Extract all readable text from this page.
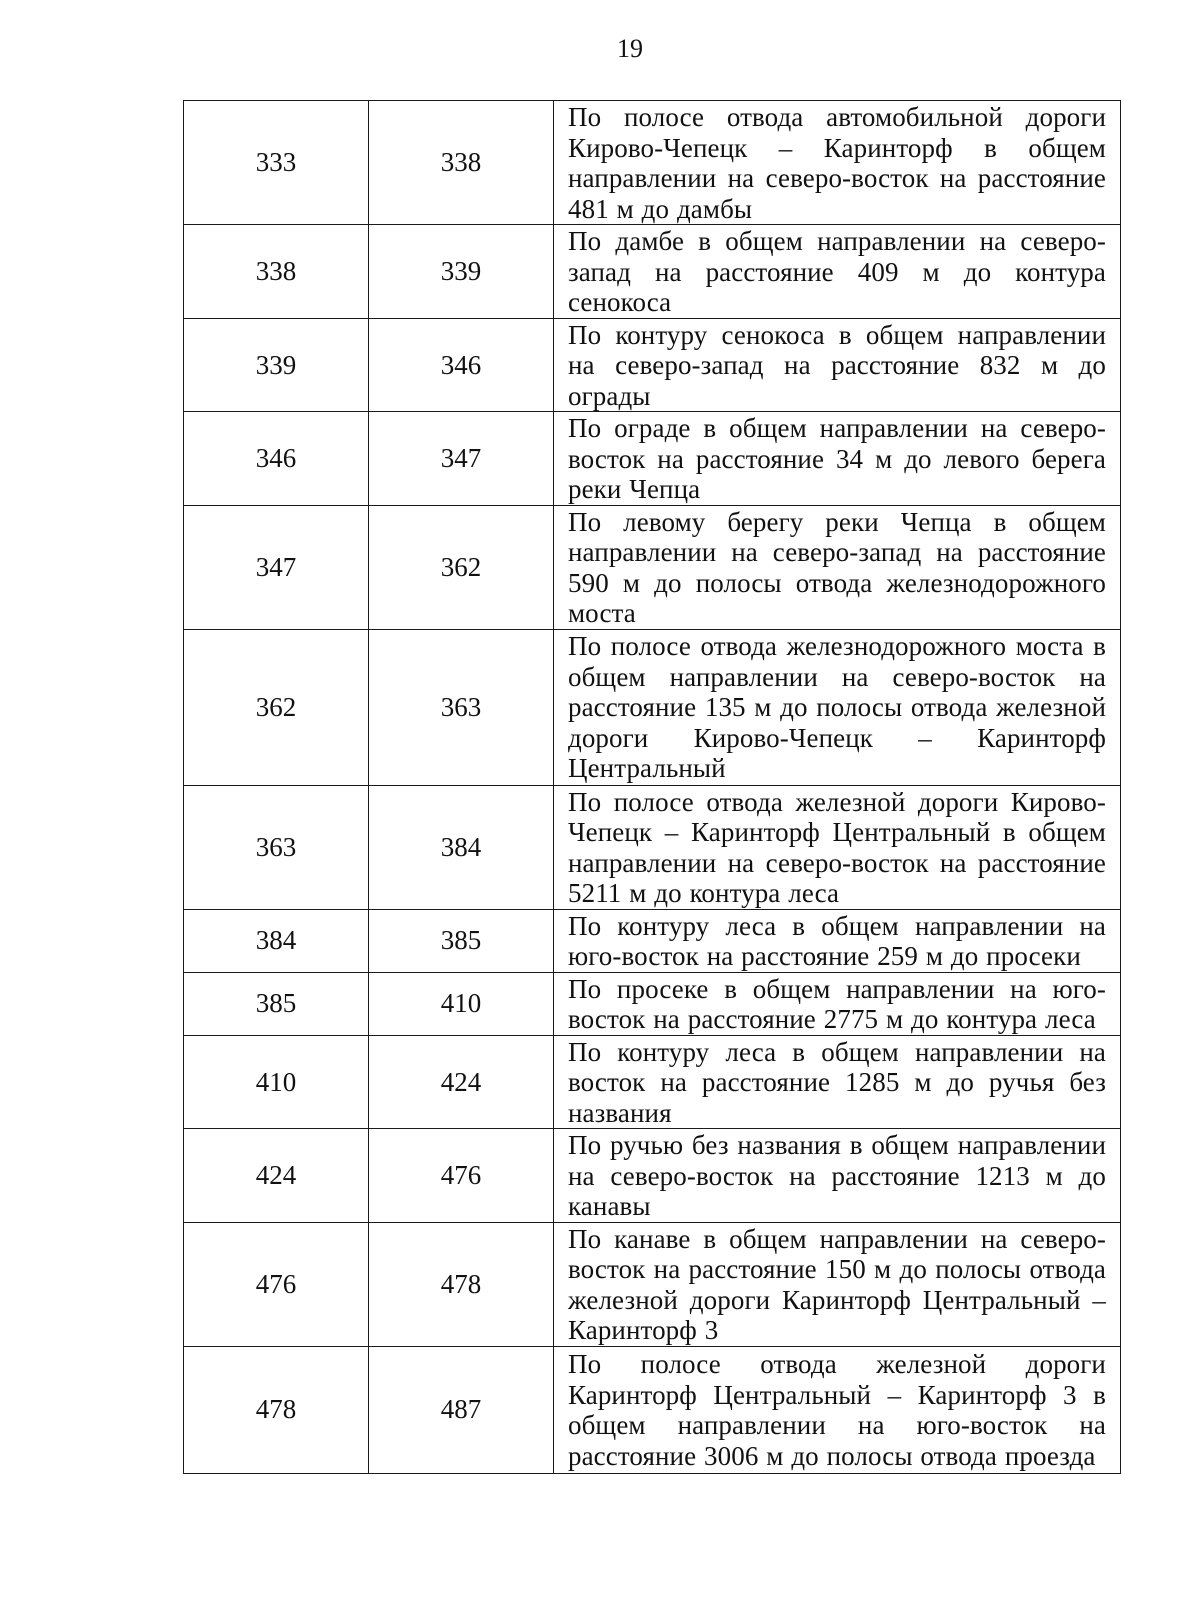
19
333	338	По полосе отвода автомобильной дороги Кирово-Чепецк – Каринторф в общем направлении на северо-восток на расстояние 481 м до дамбы
338	339	По дамбе в общем направлении на северо-запад на расстояние 409 м до контура сенокоса
339	346	По контуру сенокоса в общем направлении на северо-запад на расстояние 832 м до ограды
346	347	По ограде в общем направлении на северо-восток на расстояние 34 м до левого берега реки Чепца
347	362	По левому берегу реки Чепца в общем направлении на северо-запад на расстояние 590 м до полосы отвода железнодорожного моста
362	363	По полосе отвода железнодорожного моста в общем направлении на северо-восток на расстояние 135 м до полосы отвода железной дороги Кирово-Чепецк – Каринторф Центральный
363	384	По полосе отвода железной дороги Кирово-Чепецк – Каринторф Центральный в общем направлении на северо-восток на расстояние 5211 м до контура леса
384	385	По контуру леса в общем направлении на юго-восток на расстояние 259 м до просеки
385	410	По просеке в общем направлении на юго-восток на расстояние 2775 м до контура леса
410	424	По контуру леса в общем направлении на восток на расстояние 1285 м до ручья без названия
424	476	По ручью без названия в общем направлении на северо-восток на расстояние 1213 м до канавы
476	478	По канаве в общем направлении на северо-восток на расстояние 150 м до полосы отвода железной дороги Каринторф Центральный – Каринторф 3
478	487	По полосе отвода железной дороги Каринторф Центральный – Каринторф 3 в общем направлении на юго-восток на расстояние 3006 м до полосы отвода проезда
